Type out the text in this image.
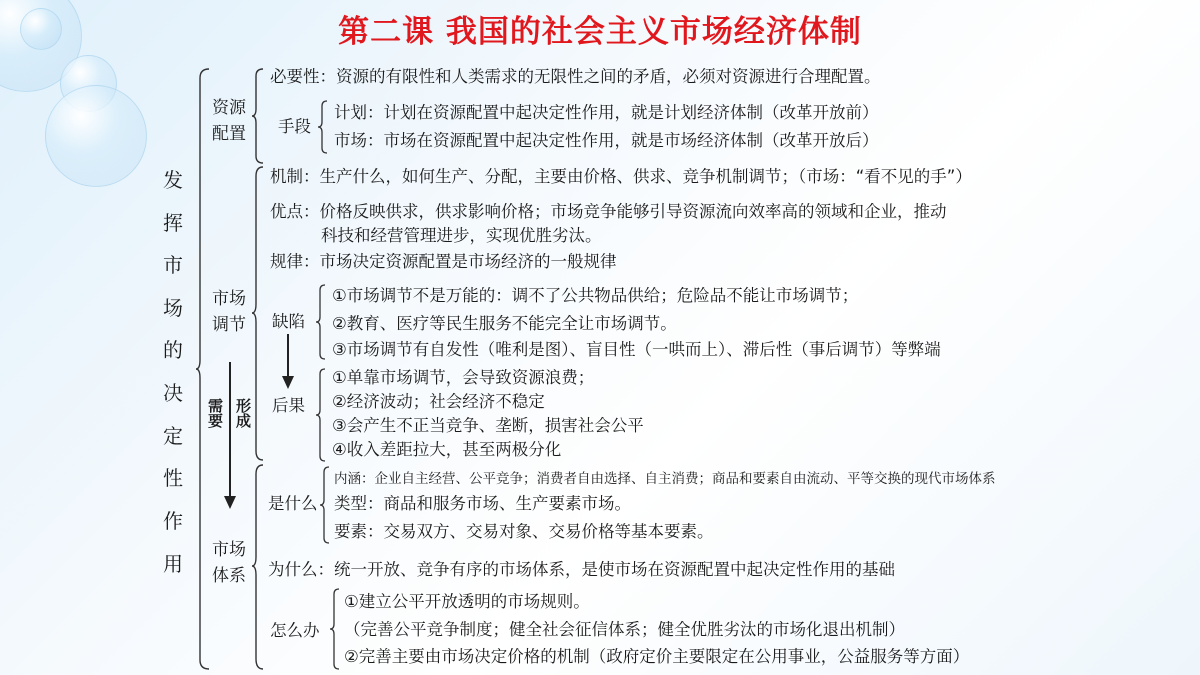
第二课 我国的社会主义市场经济体制
发
挥
市
场
的
决
定
性
作
用
资源
配置
市场
调节
市场
体系
需要 形成
必要性：资源的有限性和人类需求的无限性之间的矛盾，必须对资源进行合理配置。
手段
计划：计划在资源配置中起决定性作用，就是计划经济体制（改革开放前）
市场：市场在资源配置中起决定性作用，就是市场经济体制（改革开放后）
机制：生产什么，如何生产、分配，主要由价格、供求、竞争机制调节；（市场：“看不见的手”）
优点：价格反映供求，供求影响价格；市场竞争能够引导资源流向效率高的领域和企业，推动
科技和经营管理进步，实现优胜劣汰。
规律：市场决定资源配置是市场经济的一般规律
缺陷
①市场调节不是万能的：调不了公共物品供给；危险品不能让市场调节；
②教育、医疗等民生服务不能完全让市场调节。
③市场调节有自发性（唯利是图）、盲目性（一哄而上）、滞后性（事后调节）等弊端
后果
①单靠市场调节，会导致资源浪费；
②经济波动；社会经济不稳定
③会产生不正当竞争、垄断，损害社会公平
④收入差距拉大，甚至两极分化
是什么
内涵：企业自主经营、公平竞争；消费者自由选择、自主消费；商品和要素自由流动、平等交换的现代市场体系
类型：商品和服务市场、生产要素市场。
要素：交易双方、交易对象、交易价格等基本要素。
为什么：统一开放、竞争有序的市场体系，是使市场在资源配置中起决定性作用的基础
怎么办
①建立公平开放透明的市场规则。
（完善公平竞争制度；健全社会征信体系；健全优胜劣汰的市场化退出机制）
②完善主要由市场决定价格的机制（政府定价主要限定在公用事业，公益服务等方面）
